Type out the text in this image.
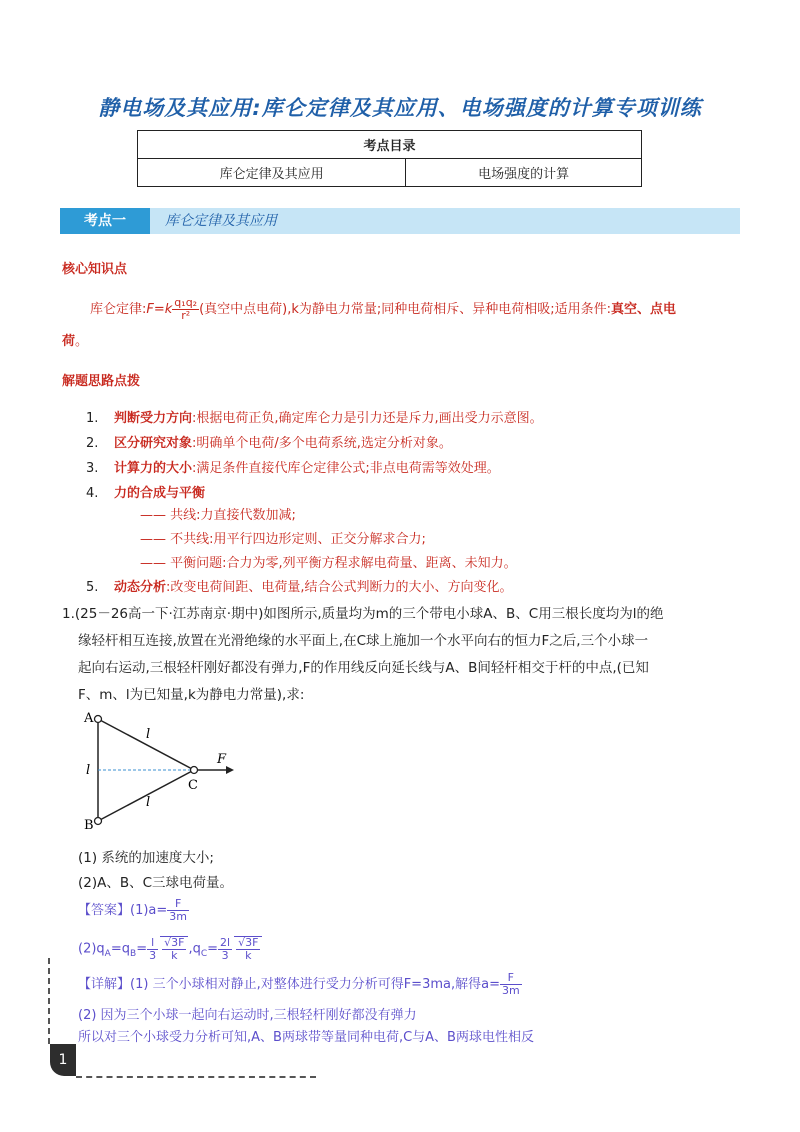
静电场及其应用:库仑定律及其应用、电场强度的计算专项训练
考点目录
库仑定律及其应用	电场强度的计算
考点一	库仑定律及其应用
核心知识点
库仑定律:F=k $\frac{\text{q₁q₂}}{\text{r²}}$ (真空中点电荷),k为静电力常量;同种电荷相斥、异种电荷相吸;适用条件:真空、点电
荷。
解题思路点拨
1. 判断受力方向:根据电荷正负,确定库仑力是引力还是斥力,画出受力示意图。
2. 区分研究对象:明确单个电荷/多个电荷系统,选定分析对象。
3. 计算力的大小:满足条件直接代库仑定律公式;非点电荷需等效处理。
4. 力的合成与平衡
—— 共线:力直接代数加减;
—— 不共线:用平行四边形定则、正交分解求合力;
—— 平衡问题:合力为零,列平衡方程求解电荷量、距离、未知力。
5. 动态分析:改变电荷间距、电荷量,结合公式判断力的大小、方向变化。
1.(25－26高一下·江苏南京·期中)如图所示,质量均为m的三个带电小球A、B、C用三根长度均为l的绝
缘轻杆相互连接,放置在光滑绝缘的水平面上,在C球上施加一个水平向右的恒力F之后,三个小球一
起向右运动,三根轻杆刚好都没有弹力,F的作用线反向延长线与A、B间轻杆相交于杆的中点,(已知
F、m、l为已知量,k为静电力常量),求:
A
B
C
F
l
l
l
(1) 系统的加速度大小;
(2)A、B、C三球电荷量。
【答案】$(1)a= \frac{F}{3m}$
$(2)q_A=q_B= \frac{l}{3} \frac{√3F}{k} ,q_C= \frac{2l}{3} \frac{√3F}{k}$
【详解】(1) 三个小球相对静止,对整体进行受力分析可得F=3ma,解得$a= \frac{F}{3m}$
(2) 因为三个小球一起向右运动时,三根轻杆刚好都没有弹力
所以对三个小球受力分析可知,A、B两球带等量同种电荷,C与A、B两球电性相反
1
